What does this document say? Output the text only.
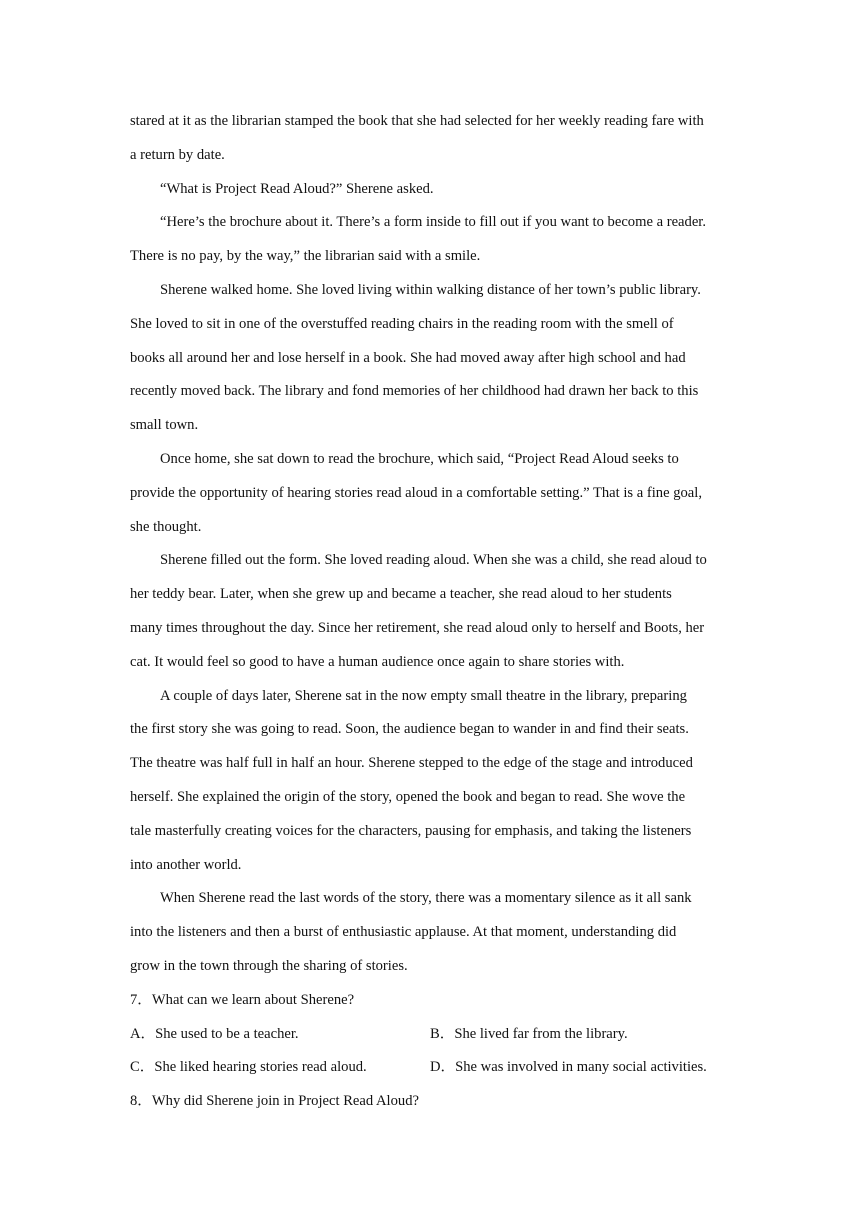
stared at it as the librarian stamped the book that she had selected for her weekly reading fare with
a return by date.
“What is Project Read Aloud?” Sherene asked.
“Here’s the brochure about it. There’s a form inside to fill out if you want to become a reader.
There is no pay, by the way,” the librarian said with a smile.
Sherene walked home. She loved living within walking distance of her town’s public library.
She loved to sit in one of the overstuffed reading chairs in the reading room with the smell of
books all around her and lose herself in a book. She had moved away after high school and had
recently moved back. The library and fond memories of her childhood had drawn her back to this
small town.
Once home, she sat down to read the brochure, which said, “Project Read Aloud seeks to
provide the opportunity of hearing stories read aloud in a comfortable setting.” That is a fine goal,
she thought.
Sherene filled out the form. She loved reading aloud. When she was a child, she read aloud to
her teddy bear. Later, when she grew up and became a teacher, she read aloud to her students
many times throughout the day. Since her retirement, she read aloud only to herself and Boots, her
cat. It would feel so good to have a human audience once again to share stories with.
A couple of days later, Sherene sat in the now empty small theatre in the library, preparing
the first story she was going to read. Soon, the audience began to wander in and find their seats.
The theatre was half full in half an hour. Sherene stepped to the edge of the stage and introduced
herself. She explained the origin of the story, opened the book and began to read. She wove the
tale masterfully creating voices for the characters, pausing for emphasis, and taking the listeners
into another world.
When Sherene read the last words of the story, there was a momentary silence as it all sank
into the listeners and then a burst of enthusiastic applause. At that moment, understanding did
grow in the town through the sharing of stories.
7．What can we learn about Sherene?
A．She used to be a teacher.	B．She lived far from the library.
C．She liked hearing stories read aloud.	D．She was involved in many social activities.
8．Why did Sherene join in Project Read Aloud?
